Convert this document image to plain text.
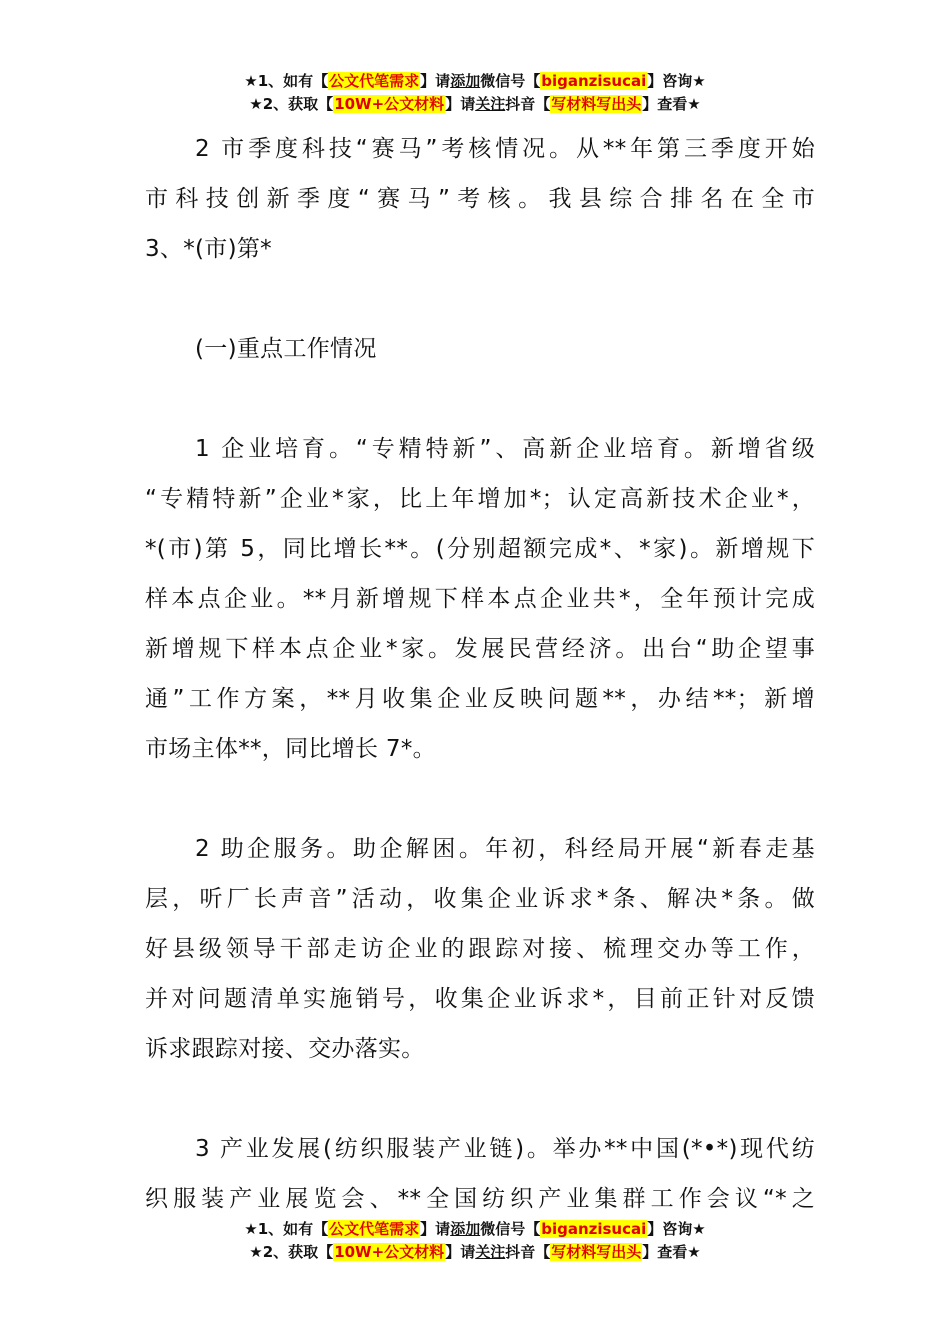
★1、如有【公文代笔需求】请添加微信号【biganzisucai】咨询★
★2、获取【10W+公文材料】请关注抖音【写材料写出头】查看★
2 市季度科技“赛马”考核情况。从**年第三季度开始
市科技创新季度“赛马”考核。我县综合排名在全市
3、*(市)第*
(一)重点工作情况
1 企业培育。“专精特新”、高新企业培育。新增省级
“专精特新”企业*家，比上年增加*；认定高新技术企业*，
*(市)第 5，同比增长**。(分别超额完成*、*家)。新增规下
样本点企业。**月新增规下样本点企业共*，全年预计完成
新增规下样本点企业*家。发展民营经济。出台“助企望事
通”工作方案，**月收集企业反映问题**，办结**；新增
市场主体**，同比增长 7*。
2 助企服务。助企解困。年初，科经局开展“新春走基
层，听厂长声音”活动，收集企业诉求*条、解决*条。做
好县级领导干部走访企业的跟踪对接、梳理交办等工作，
并对问题清单实施销号，收集企业诉求*，目前正针对反馈
诉求跟踪对接、交办落实。
3 产业发展(纺织服装产业链)。举办**中国(*•*)现代纺
织服装产业展览会、**全国纺织产业集群工作会议“*之
★1、如有【公文代笔需求】请添加微信号【biganzisucai】咨询★
★2、获取【10W+公文材料】请关注抖音【写材料写出头】查看★
